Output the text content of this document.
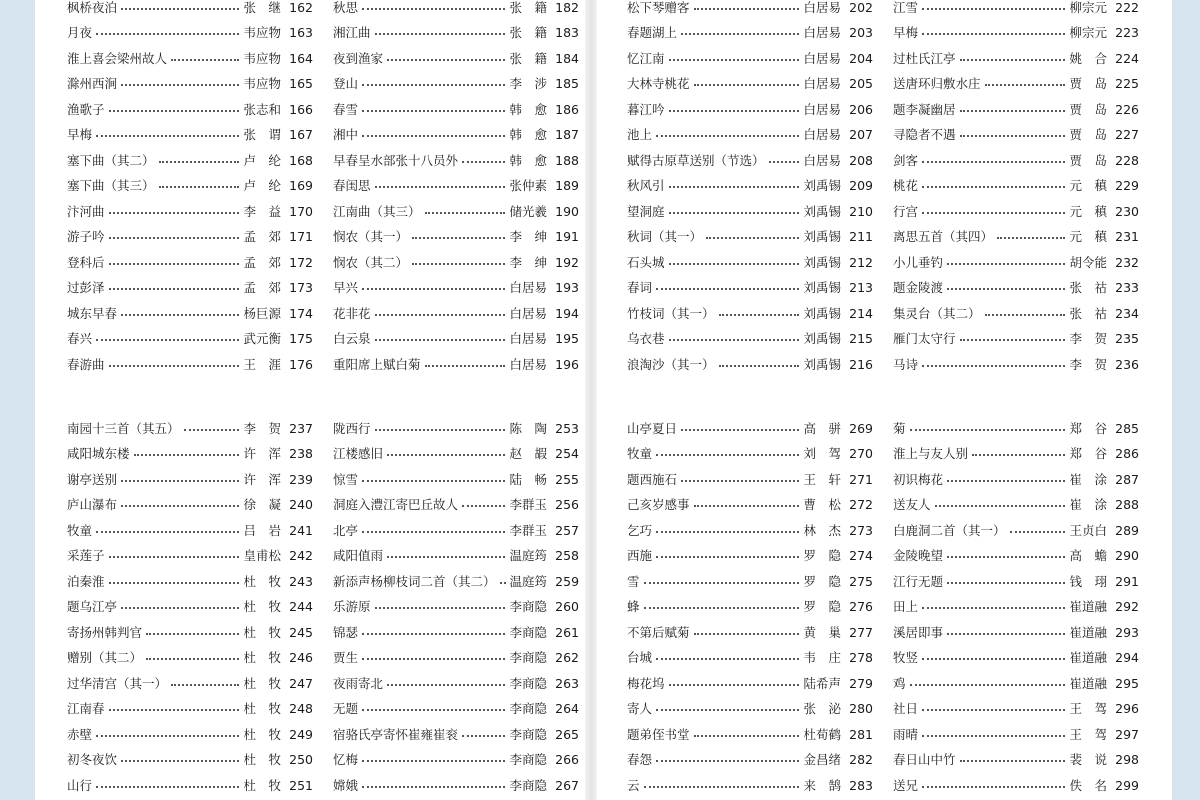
枫桥夜泊	张　继 162
月夜	韦应物 163
淮上喜会梁州故人	韦应物 164
滁州西涧	韦应物 165
渔歌子	张志和 166
早梅	张　谓 167
塞下曲（其二）	卢　纶 168
塞下曲（其三）	卢　纶 169
汴河曲	李　益 170
游子吟	孟　郊 171
登科后	孟　郊 172
过彭泽	孟　郊 173
城东早春	杨巨源 174
春兴	武元衡 175
春游曲	王　涯 176
秋思	张　籍 182
湘江曲	张　籍 183
夜到渔家	张　籍 184
登山	李　涉 185
春雪	韩　愈 186
湘中	韩　愈 187
早春呈水部张十八员外	韩　愈 188
春闺思	张仲素 189
江南曲（其三）	储光羲 190
悯农（其一）	李　绅 191
悯农（其二）	李　绅 192
早兴	白居易 193
花非花	白居易 194
白云泉	白居易 195
重阳席上赋白菊	白居易 196
松下琴赠客	白居易 202
春题湖上	白居易 203
忆江南	白居易 204
大林寺桃花	白居易 205
暮江吟	白居易 206
池上	白居易 207
赋得古原草送别（节选）	白居易 208
秋风引	刘禹锡 209
望洞庭	刘禹锡 210
秋词（其一）	刘禹锡 211
石头城	刘禹锡 212
春词	刘禹锡 213
竹枝词（其一）	刘禹锡 214
乌衣巷	刘禹锡 215
浪淘沙（其一）	刘禹锡 216
江雪	柳宗元 222
早梅	柳宗元 223
过杜氏江亭	姚　合 224
送唐环归敷水庄	贾　岛 225
题李凝幽居	贾　岛 226
寻隐者不遇	贾　岛 227
剑客	贾　岛 228
桃花	元　稹 229
行宫	元　稹 230
离思五首（其四）	元　稹 231
小儿垂钓	胡令能 232
题金陵渡	张　祜 233
集灵台（其二）	张　祜 234
雁门太守行	李　贺 235
马诗	李　贺 236
南园十三首（其五）	李　贺 237
咸阳城东楼	许　浑 238
谢亭送别	许　浑 239
庐山瀑布	徐　凝 240
牧童	吕　岩 241
采莲子	皇甫松 242
泊秦淮	杜　牧 243
题乌江亭	杜　牧 244
寄扬州韩判官	杜　牧 245
赠别（其二）	杜　牧 246
过华清宫（其一）	杜　牧 247
江南春	杜　牧 248
赤壁	杜　牧 249
初冬夜饮	杜　牧 250
山行	杜　牧 251
陇西行	陈　陶 253
江楼感旧	赵　嘏 254
惊雪	陆　畅 255
洞庭入澧江寄巴丘故人	李群玉 256
北亭	李群玉 257
咸阳值雨	温庭筠 258
新添声杨柳枝词二首（其二） 温庭筠 259
乐游原	李商隐 260
锦瑟	李商隐 261
贾生	李商隐 262
夜雨寄北	李商隐 263
无题	李商隐 264
宿骆氏亭寄怀崔雍崔衮	李商隐 265
忆梅	李商隐 266
嫦娥	李商隐 267
山亭夏日	高　骈 269
牧童	刘　驾 270
题西施石	王　轩 271
己亥岁感事	曹　松 272
乞巧	林　杰 273
西施	罗　隐 274
雪	罗　隐 275
蜂	罗　隐 276
不第后赋菊	黄　巢 277
台城	韦　庄 278
梅花坞	陆希声 279
寄人	张　泌 280
题弟侄书堂	杜荀鹤 281
春怨	金昌绪 282
云	来　鹄 283
菊	郑　谷 285
淮上与友人别	郑　谷 286
初识梅花	崔　涂 287
送友人	崔　涂 288
白鹿洞二首（其一）	王贞白 289
金陵晚望	高　蟾 290
江行无题	钱　珝 291
田上	崔道融 292
溪居即事	崔道融 293
牧竖	崔道融 294
鸡	崔道融 295
社日	王　驾 296
雨晴	王　驾 297
春日山中竹	裴　说 298
送兄	佚　名 299
